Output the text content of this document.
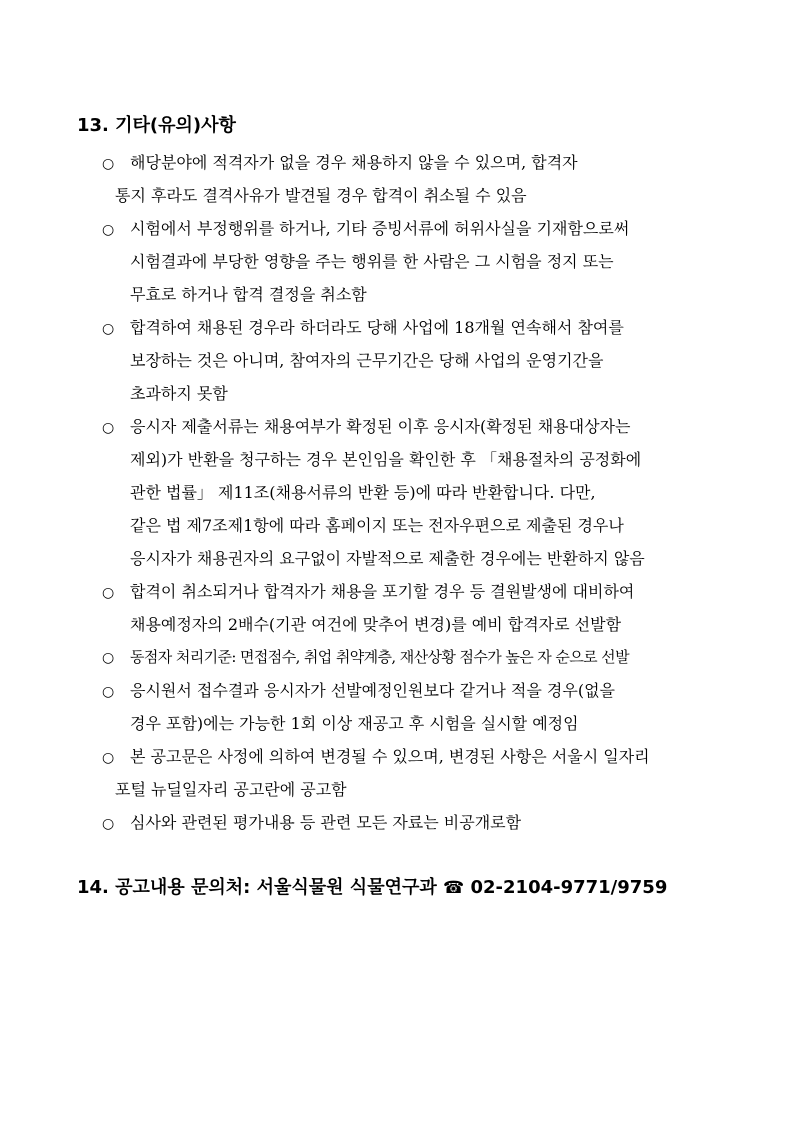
13. 기타(유의)사항
○ 해당분야에 적격자가 없을 경우 채용하지 않을 수 있으며, 합격자
통지 후라도 결격사유가 발견될 경우 합격이 취소될 수 있음
○ 시험에서 부정행위를 하거나, 기타 증빙서류에 허위사실을 기재함으로써
시험결과에 부당한 영향을 주는 행위를 한 사람은 그 시험을 정지 또는
무효로 하거나 합격 결정을 취소함
○ 합격하여 채용된 경우라 하더라도 당해 사업에 18개월 연속해서 참여를
보장하는 것은 아니며, 참여자의 근무기간은 당해 사업의 운영기간을
초과하지 못함
○ 응시자 제출서류는 채용여부가 확정된 이후 응시자(확정된 채용대상자는
제외)가 반환을 청구하는 경우 본인임을 확인한 후 「채용절차의 공정화에
관한 법률」 제11조(채용서류의 반환 등)에 따라 반환합니다. 다만,
같은 법 제7조제1항에 따라 홈페이지 또는 전자우편으로 제출된 경우나
응시자가 채용권자의 요구없이 자발적으로 제출한 경우에는 반환하지 않음
○ 합격이 취소되거나 합격자가 채용을 포기할 경우 등 결원발생에 대비하여
채용예정자의 2배수(기관 여건에 맞추어 변경)를 예비 합격자로 선발함
○ 동점자 처리기준: 면접점수, 취업 취약계층, 재산상황 점수가 높은 자 순으로 선발
○ 응시원서 접수결과 응시자가 선발예정인원보다 같거나 적을 경우(없을
경우 포함)에는 가능한 1회 이상 재공고 후 시험을 실시할 예정임
○ 본 공고문은 사정에 의하여 변경될 수 있으며, 변경된 사항은 서울시 일자리
포털 뉴딜일자리 공고란에 공고함
○ 심사와 관련된 평가내용 등 관련 모든 자료는 비공개로함
14. 공고내용 문의처: 서울식물원 식물연구과 ☎ 02-2104-9771/9759
